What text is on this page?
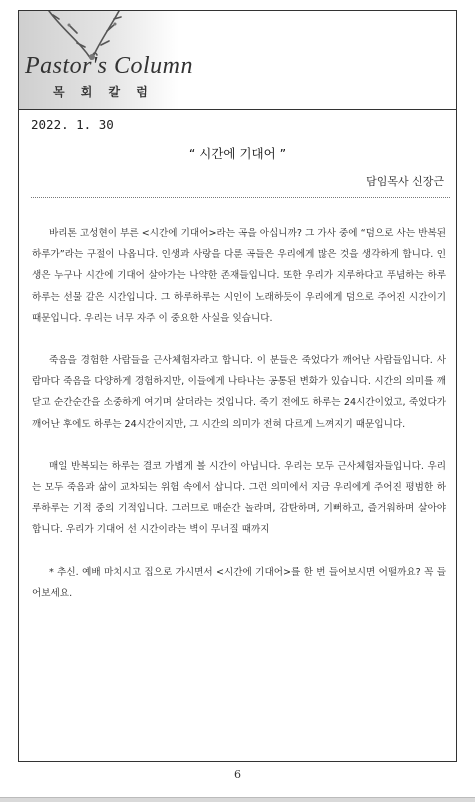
Pastor's Column
목 회 칼 럼
2022. 1. 30
“ 시간에 기대어 ”
담임목사 신장근

바리톤 고성현이 부른 <시간에 기대어>라는 곡을 아십니까? 그 가사 중에 “덤으로 사는 반복된 하루가”라는 구절이 나옵니다. 인생과 사랑을 다룬 곡들은 우리에게 많은 것을 생각하게 합니다. 인생은 누구나 시간에 기대어 살아가는 나약한 존재들입니다. 또한 우리가 지루하다고 푸념하는 하루하루는 선물 같은 시간입니다. 그 하루하루는 시인이 노래하듯이 우리에게 덤으로 주어진 시간이기 때문입니다. 우리는 너무 자주 이 중요한 사실을 잊습니다.

죽음을 경험한 사람들을 근사체험자라고 합니다. 이 분들은 죽었다가 깨어난 사람들입니다. 사람마다 죽음을 다양하게 경험하지만, 이들에게 나타나는 공통된 변화가 있습니다. 시간의 의미를 깨닫고 순간순간을 소중하게 여기며 살더라는 것입니다. 죽기 전에도 하루는 24시간이었고, 죽었다가 깨어난 후에도 하루는 24시간이지만, 그 시간의 의미가 전혀 다르게 느껴지기 때문입니다.

매일 반복되는 하루는 결코 가볍게 볼 시간이 아닙니다. 우리는 모두 근사체험자들입니다. 우리는 모두 죽음과 삶이 교차되는 위험 속에서 삽니다. 그런 의미에서 지금 우리에게 주어진 평범한 하루하루는 기적 중의 기적입니다. 그러므로 매순간 놀라며, 감탄하며, 기뻐하고, 즐거워하며 살아야 합니다. 우리가 기대어 선 시간이라는 벽이 무너질 때까지

* 추신. 예배 마치시고 집으로 가시면서 <시간에 기대어>를 한 번 들어보시면 어떨까요? 꼭 들어보세요.

6
